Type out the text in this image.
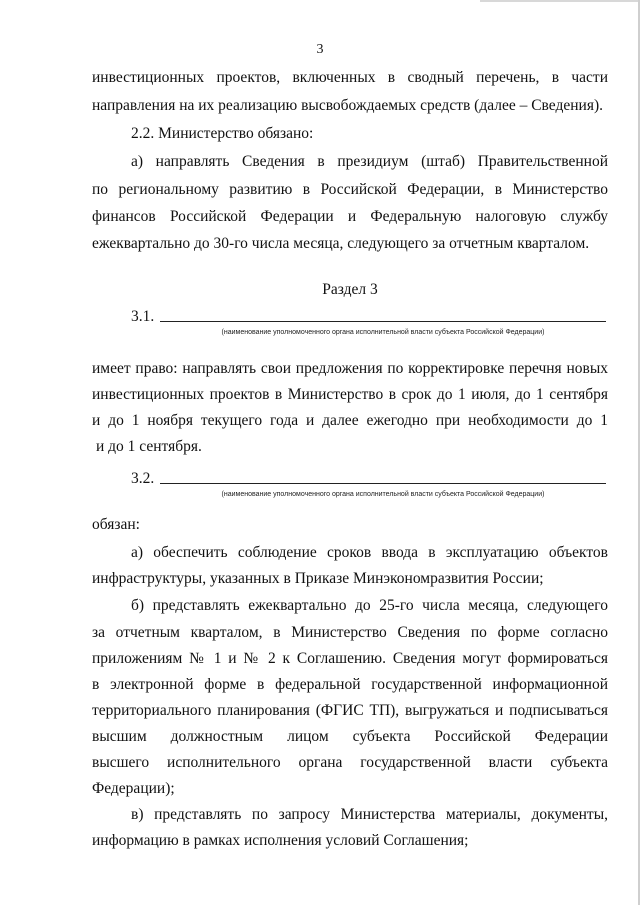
3
инвестиционных проектов, включенных в сводный перечень, в части
направления на их реализацию высвобождаемых средств (далее – Сведения).
2.2. Министерство обязано:
а) направлять Сведения в президиум (штаб) Правительственной
по региональному развитию в Российской Федерации, в Министерство
финансов Российской Федерации и Федеральную налоговую службу
ежеквартально до 30-го числа месяца, следующего за отчетным кварталом.
Раздел 3
3.1.
(наименование уполномоченного органа исполнительной власти субъекта Российской Федерации)
имеет право: направлять свои предложения по корректировке перечня новых
инвестиционных проектов в Министерство в срок до 1 июля, до 1 сентября
и до 1 ноября текущего года и далее ежегодно при необходимости до 1
и до 1 сентября.
3.2.
(наименование уполномоченного органа исполнительной власти субъекта Российской Федерации)
обязан:
а) обеспечить соблюдение сроков ввода в эксплуатацию объектов
инфраструктуры, указанных в Приказе Минэкономразвития России;
б) представлять ежеквартально до 25-го числа месяца, следующего
за отчетным кварталом, в Министерство Сведения по форме согласно
приложениям № 1 и № 2 к Соглашению. Сведения могут формироваться
в электронной форме в федеральной государственной информационной
территориального планирования (ФГИС ТП), выгружаться и подписываться
высшим должностным лицом субъекта Российской Федерации
высшего исполнительного органа государственной власти субъекта
Федерации);
в) представлять по запросу Министерства материалы, документы,
информацию в рамках исполнения условий Соглашения;
